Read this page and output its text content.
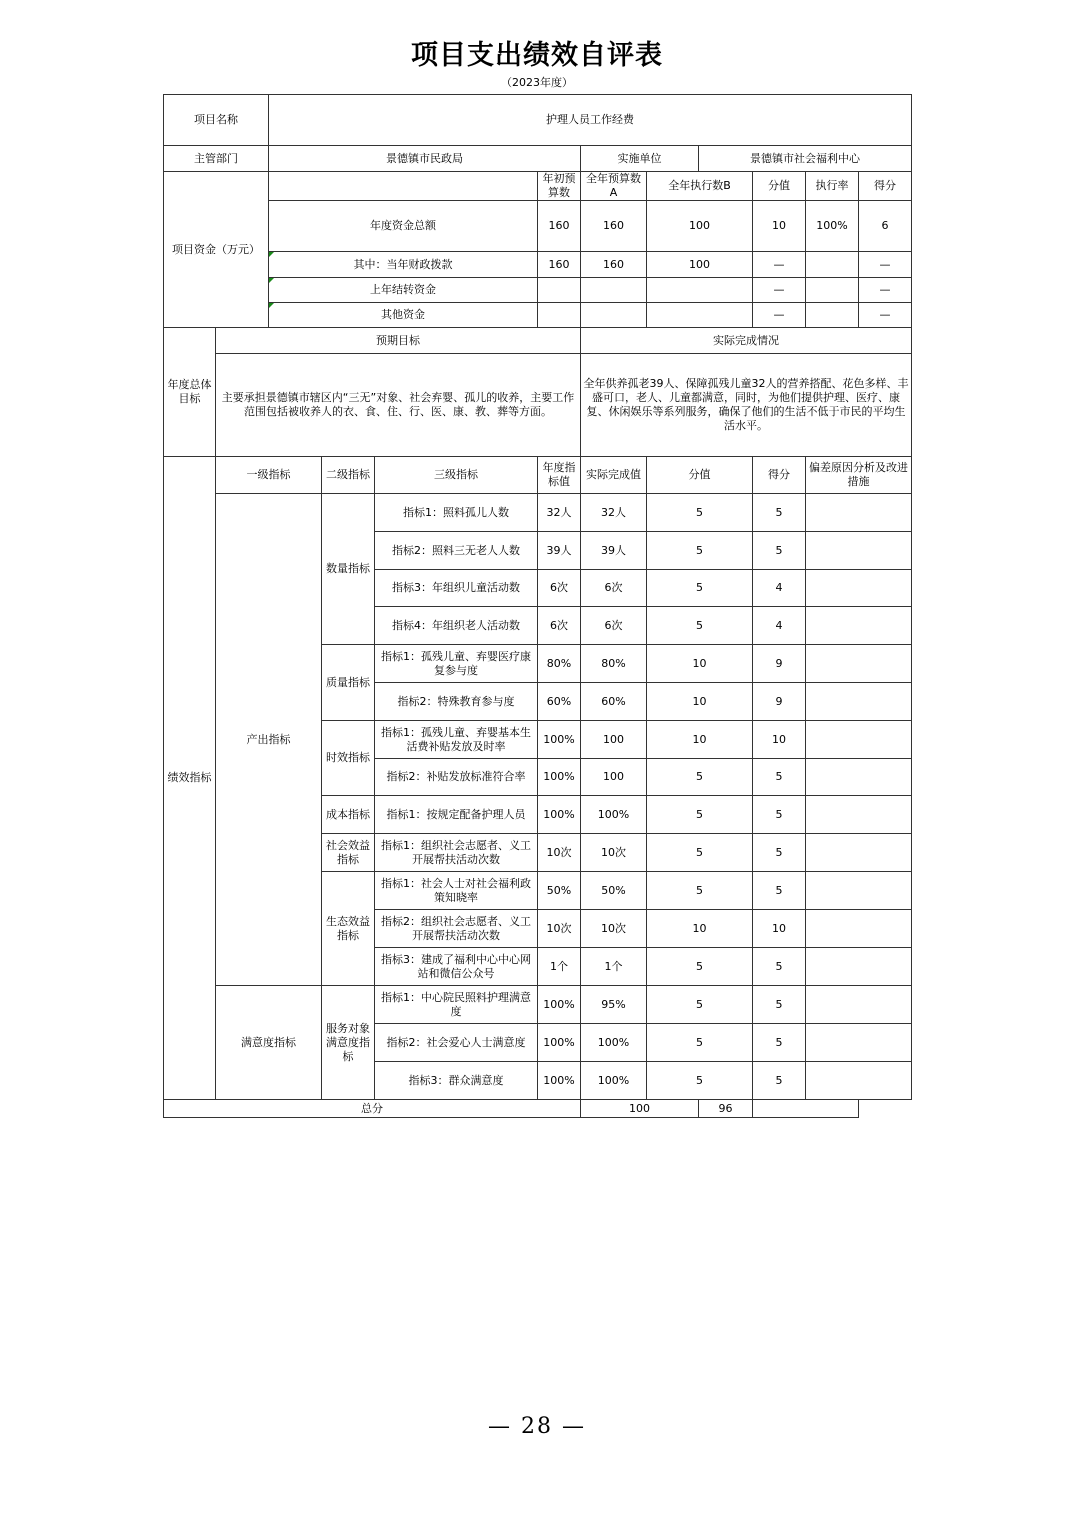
项目支出绩效自评表
（2023年度）
项目名称		护理人员工作经费									
主管部门		景德镇市民政局				实施单位		景德镇市社会福利中心			
项目资金（万元）					年初预算数	全年预算数A	全年执行数B		分值	执行率	得分
		年度资金总额			160	160	100		10	100%	6
		其中：当年财政拨款			160	160	100		—		—
		上年结转资金							—		—
		其他资金							—		—
年度总体目标	预期目标					实际完成情况					
	主要承担景德镇市辖区内“三无”对象、社会弃婴、孤儿的收养，主要工作范围包括被收养人的衣、食、住、行、医、康、教、葬等方面。					全年供养孤老39人、保障孤残儿童32人的营养搭配、花色多样、丰盛可口，老人、儿童都满意，同时，为他们提供护理、医疗、康复、休闲娱乐等系列服务，确保了他们的生活不低于市民的平均生活水平。					
绩效指标	一级指标		二级指标	三级指标	年度指标值	实际完成值	分值		得分	偏差原因分析及改进措施	
	产出指标		数量指标	指标1：照料孤儿人数	32人	32人	5		5		
				指标2：照料三无老人人数	39人	39人	5		5		
				指标3：年组织儿童活动数	6次	6次	5		4		
				指标4：年组织老人活动数	6次	6次	5		4		
			质量指标	指标1：孤残儿童、弃婴医疗康复参与度	80%	80%	10		9		
				指标2：特殊教育参与度	60%	60%	10		9		
			时效指标	指标1：孤残儿童、弃婴基本生活费补贴发放及时率	100%	100	10		10		
				指标2：补贴发放标准符合率	100%	100	5		5		
			成本指标	指标1：按规定配备护理人员	100%	100%	5		5		
			社会效益指标	指标1：组织社会志愿者、义工开展帮扶活动次数	10次	10次	5		5		
			生态效益指标	指标1：社会人士对社会福利政策知晓率	50%	50%	5		5		
				指标2：组织社会志愿者、义工开展帮扶活动次数	10次	10次	10		10		
				指标3：建成了福利中心中心网站和微信公众号	1个	1个	5		5		
	满意度指标		服务对象满意度指标	指标1：中心院民照料护理满意度	100%	95%	5		5		
				指标2：社会爱心人士满意度	100%	100%	5		5		
				指标3：群众满意度	100%	100%	5		5		
总分						100		96			
— 28 —
